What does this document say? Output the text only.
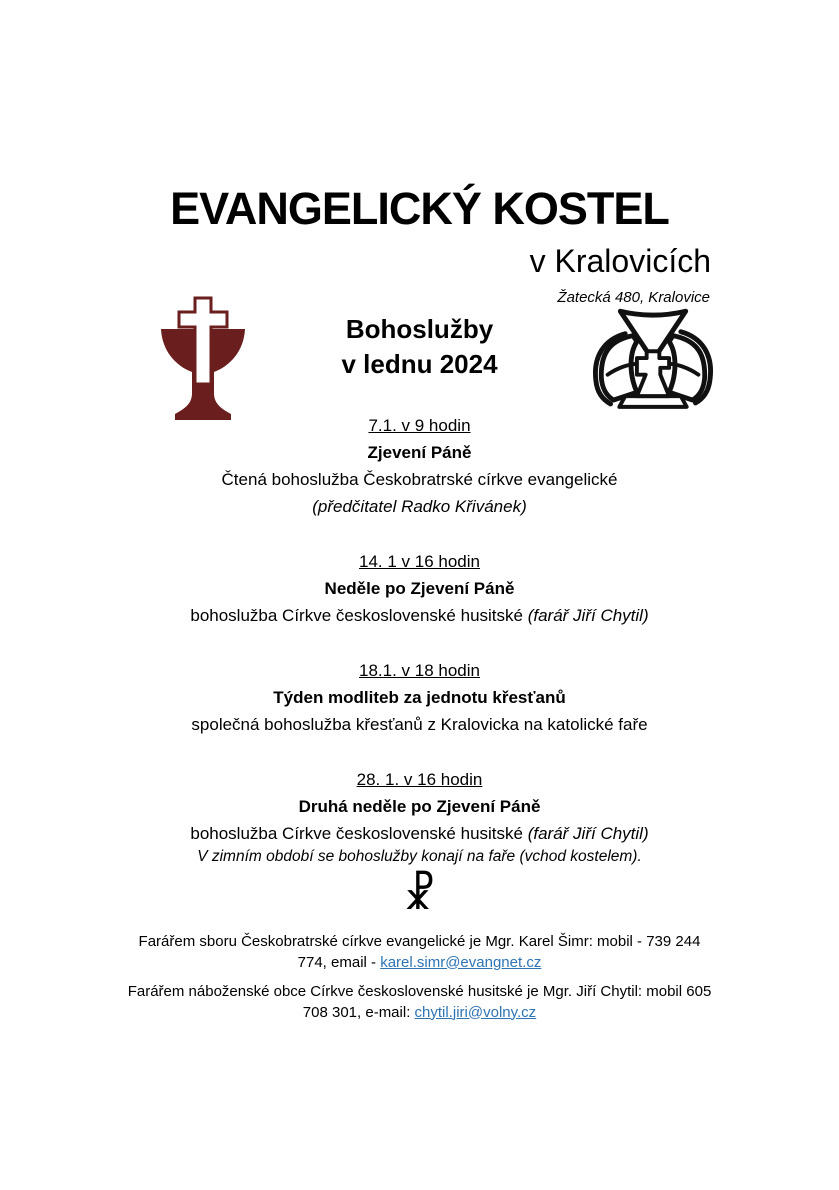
EVANGELICKÝ KOSTEL
v Kralovicích
Žatecká 480, Kralovice
Bohoslužby
v lednu 2024
7.1. v 9 hodin
Zjevení Páně
Čtená bohoslužba Českobratrské církve evangelické
(předčitatel Radko Křivánek)
14. 1 v 16 hodin
Neděle po Zjevení Páně
bohoslužba Církve československé husitské (farář Jiří Chytil)
18.1. v 18 hodin
Týden modliteb za jednotu křesťanů
společná bohoslužba křesťanů z Kralovicka na katolické faře
28. 1. v 16 hodin
Druhá neděle po Zjevení Páně
bohoslužba Církve československé husitské (farář Jiří Chytil)
V zimním období se bohoslužby konají na faře (vchod kostelem).
☧

Farářem sboru Českobratrské církve evangelické je Mgr. Karel Šimr: mobil - 739 244 774, email - karel.simr@evangnet.cz

Farářem náboženské obce Církve československé husitské je Mgr. Jiří Chytil: mobil 605 708 301, e-mail: chytil.jiri@volny.cz
